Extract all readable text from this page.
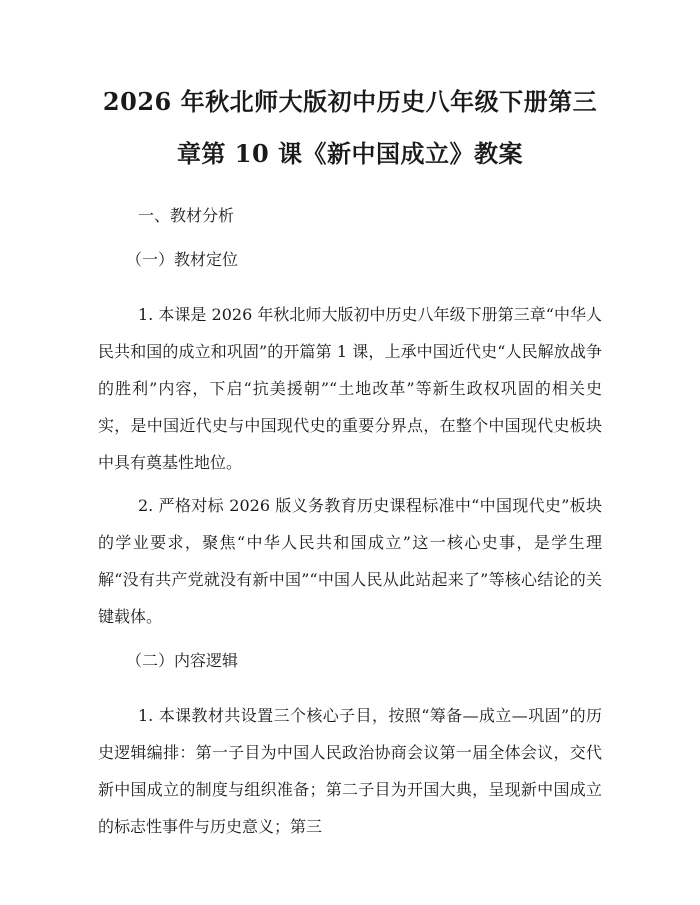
2026 年秋北师大版初中历史八年级下册第三章第 10 课《新中国成立》教案

一、教材分析

（一）教材定位

1. 本课是 2026 年秋北师大版初中历史八年级下册第三章“中华人民共和国的成立和巩固”的开篇第 1 课，上承中国近代史“人民解放战争的胜利”内容，下启“抗美援朝”“土地改革”等新生政权巩固的相关史实，是中国近代史与中国现代史的重要分界点，在整个中国现代史板块中具有奠基性地位。

2. 严格对标 2026 版义务教育历史课程标准中“中国现代史”板块的学业要求，聚焦“中华人民共和国成立”这一核心史事，是学生理解“没有共产党就没有新中国”“中国人民从此站起来了”等核心结论的关键载体。

（二）内容逻辑

1. 本课教材共设置三个核心子目，按照“筹备—成立—巩固”的历史逻辑编排：第一子目为中国人民政治协商会议第一届全体会议，交代新中国成立的制度与组织准备；第二子目为开国大典，呈现新中国成立的标志性事件与历史意义；第三
